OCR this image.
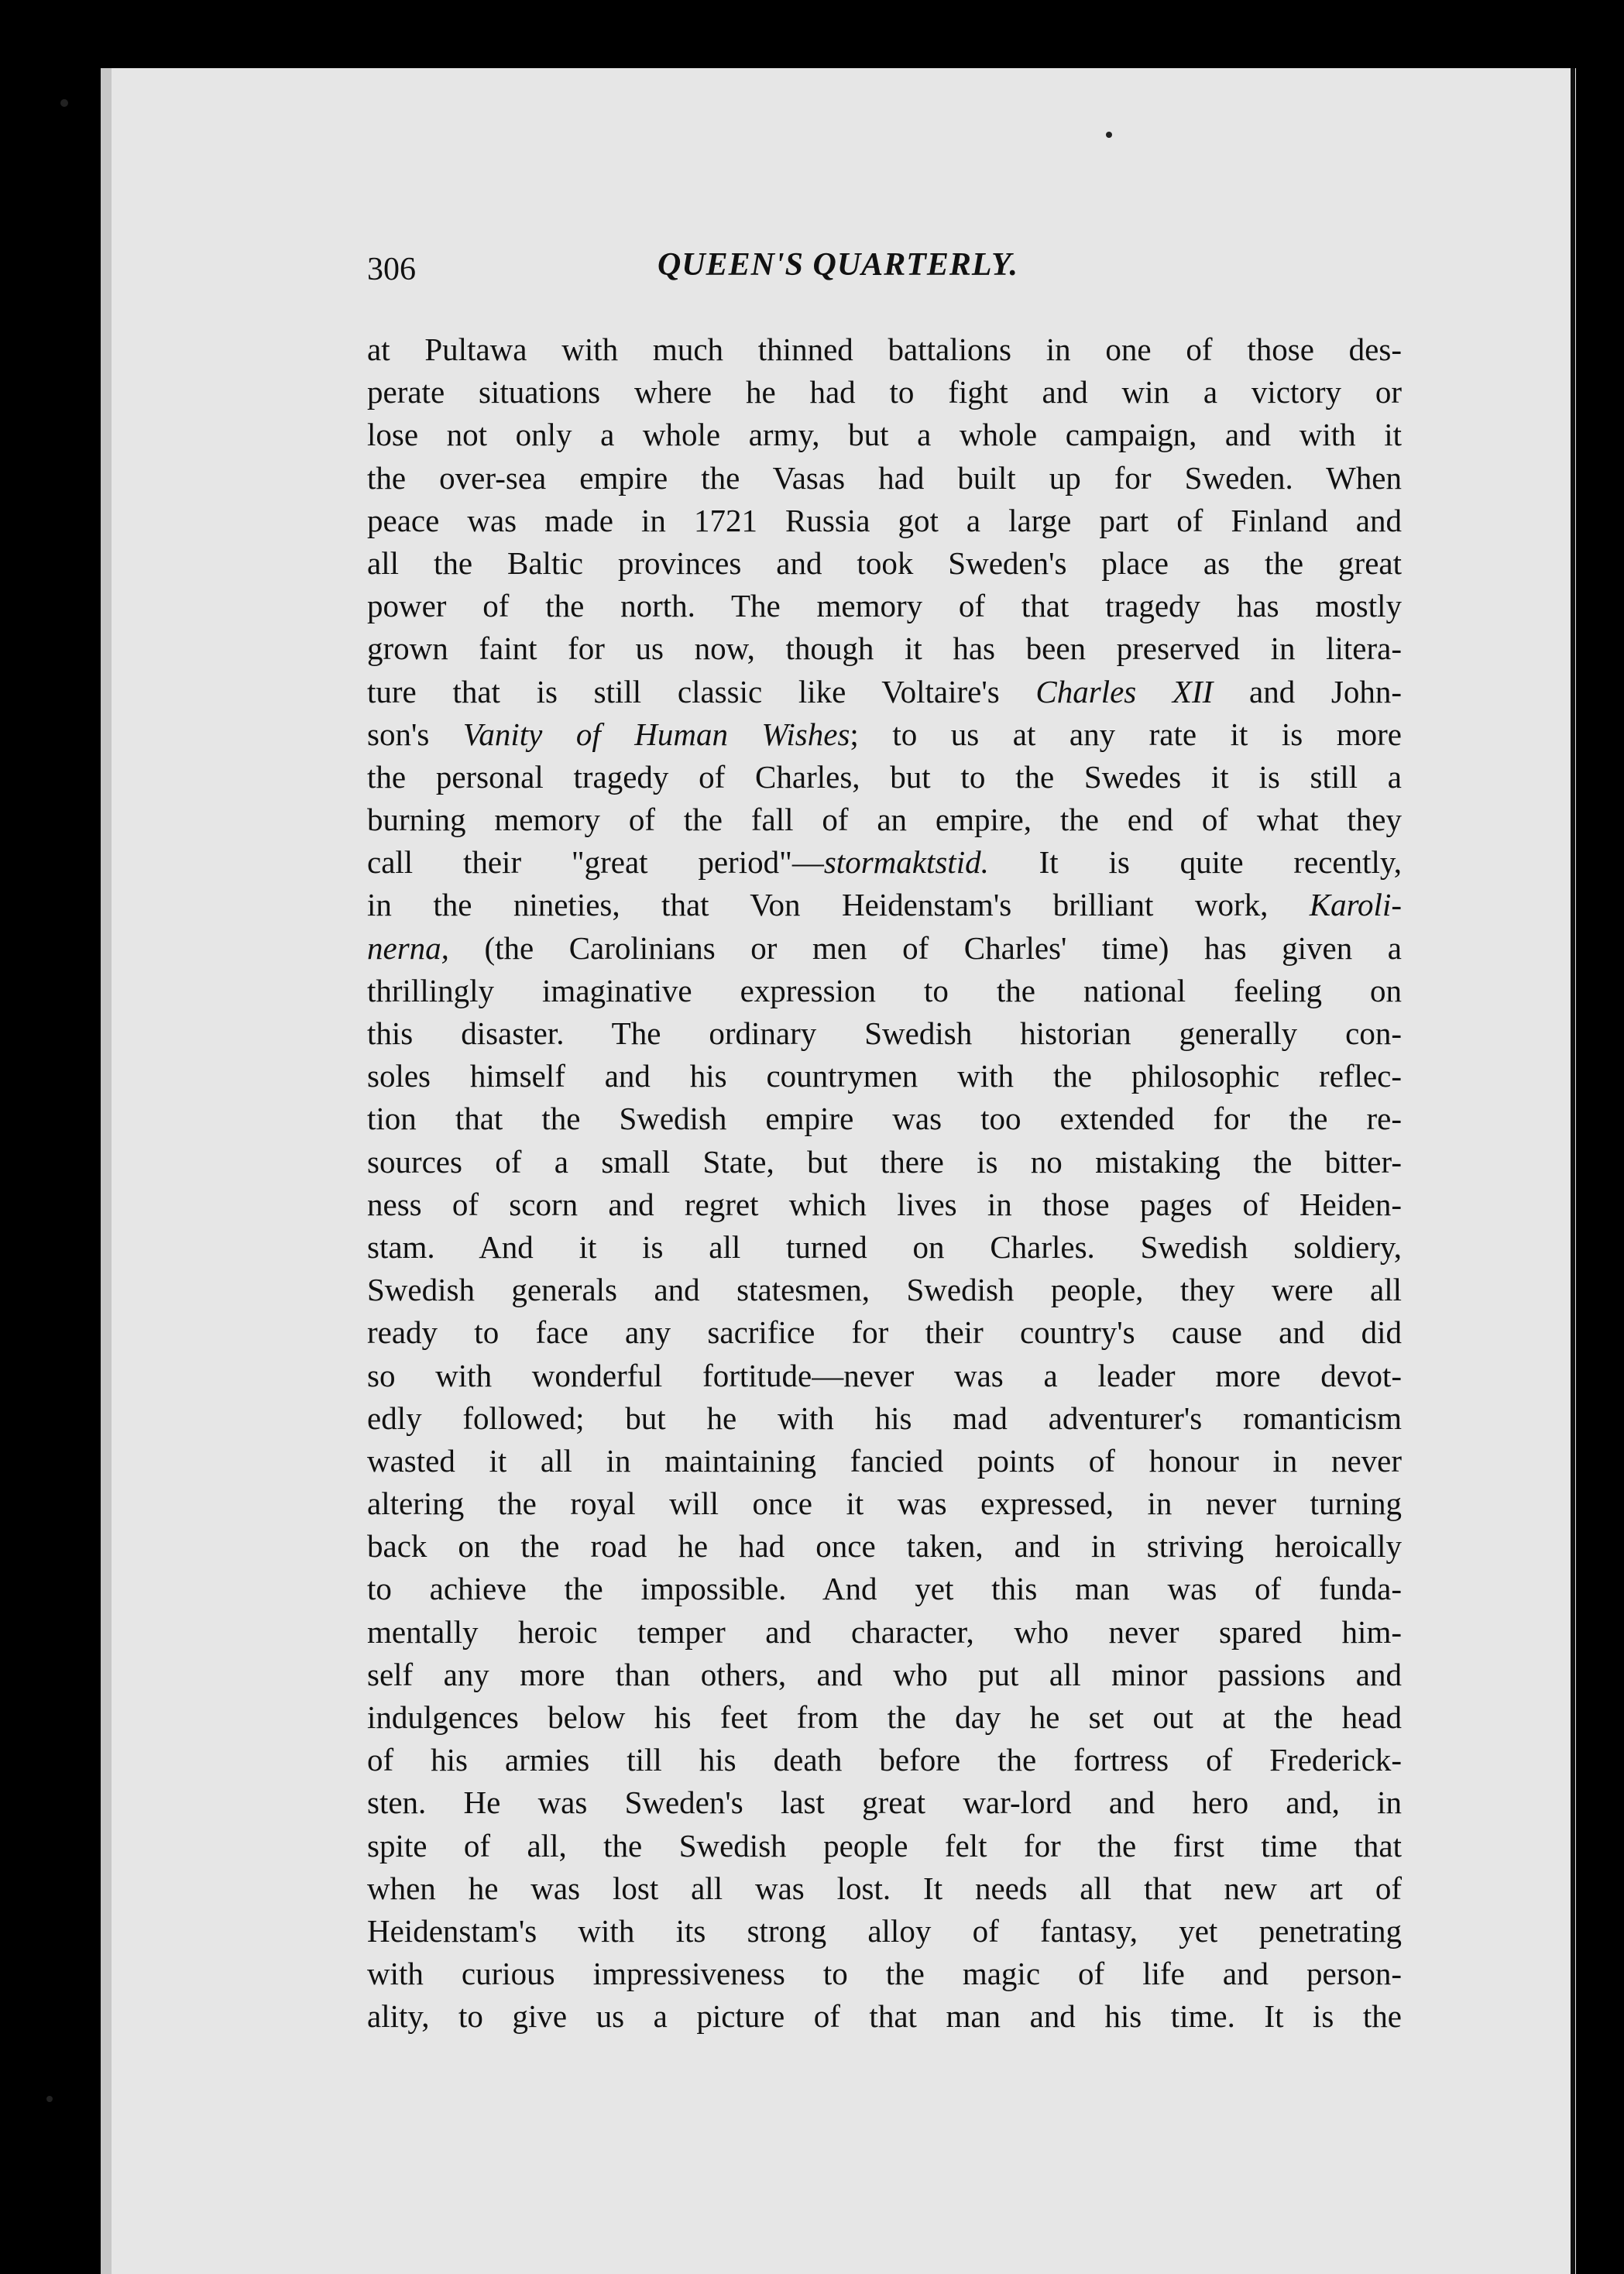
306	QUEEN'S QUARTERLY.
at Pultawa with much thinned battalions in one of those des-
perate situations where he had to fight and win a victory or
lose not only a whole army, but a whole campaign, and with it
the over-sea empire the Vasas had built up for Sweden. When
peace was made in 1721 Russia got a large part of Finland and
all the Baltic provinces and took Sweden's place as the great
power of the north. The memory of that tragedy has mostly
grown faint for us now, though it has been preserved in litera-
ture that is still classic like Voltaire's Charles XII and John-
son's Vanity of Human Wishes; to us at any rate it is more
the personal tragedy of Charles, but to the Swedes it is still a
burning memory of the fall of an empire, the end of what they
call their "great period"—stormaktstid. It is quite recently,
in the nineties, that Von Heidenstam's brilliant work, Karoli-
nerna, (the Carolinians or men of Charles' time) has given a
thrillingly imaginative expression to the national feeling on
this disaster. The ordinary Swedish historian generally con-
soles himself and his countrymen with the philosophic reflec-
tion that the Swedish empire was too extended for the re-
sources of a small State, but there is no mistaking the bitter-
ness of scorn and regret which lives in those pages of Heiden-
stam. And it is all turned on Charles. Swedish soldiery,
Swedish generals and statesmen, Swedish people, they were all
ready to face any sacrifice for their country's cause and did
so with wonderful fortitude—never was a leader more devot-
edly followed; but he with his mad adventurer's romanticism
wasted it all in maintaining fancied points of honour in never
altering the royal will once it was expressed, in never turning
back on the road he had once taken, and in striving heroically
to achieve the impossible. And yet this man was of funda-
mentally heroic temper and character, who never spared him-
self any more than others, and who put all minor passions and
indulgences below his feet from the day he set out at the head
of his armies till his death before the fortress of Frederick-
sten. He was Sweden's last great war-lord and hero and, in
spite of all, the Swedish people felt for the first time that
when he was lost all was lost. It needs all that new art of
Heidenstam's with its strong alloy of fantasy, yet penetrating
with curious impressiveness to the magic of life and person-
ality, to give us a picture of that man and his time. It is the
